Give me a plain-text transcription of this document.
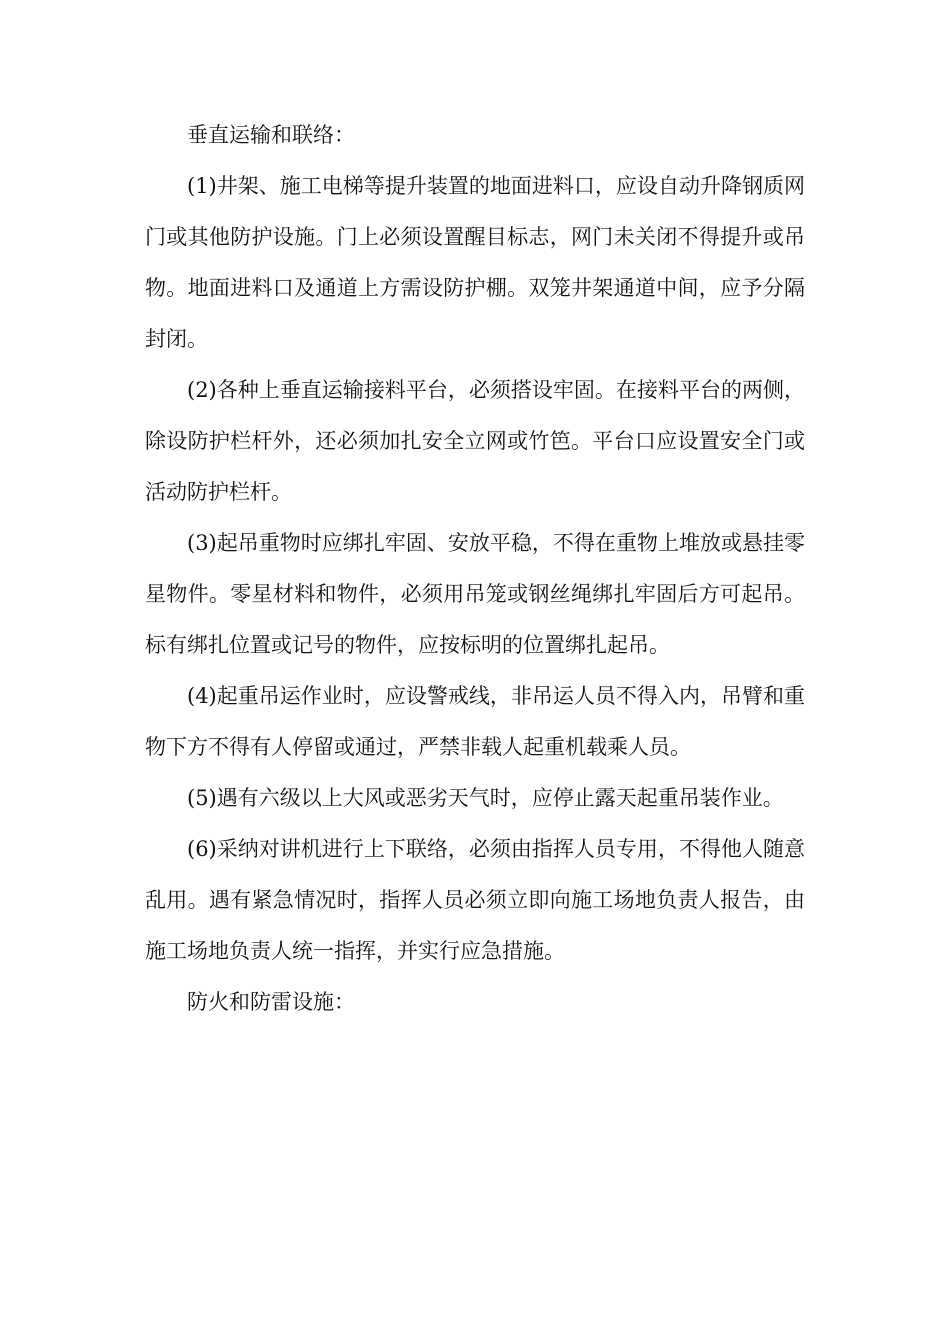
垂直运输和联络：

(1)井架、施工电梯等提升装置的地面进料口，应设自动升降钢质网门或其他防护设施。门上必须设置醒目标志，网门未关闭不得提升或吊物。地面进料口及通道上方需设防护棚。双笼井架通道中间，应予分隔封闭。

(2)各种上垂直运输接料平台，必须搭设牢固。在接料平台的两侧，除设防护栏杆外，还必须加扎安全立网或竹笆。平台口应设置安全门或活动防护栏杆。

(3)起吊重物时应绑扎牢固、安放平稳，不得在重物上堆放或悬挂零星物件。零星材料和物件，必须用吊笼或钢丝绳绑扎牢固后方可起吊。标有绑扎位置或记号的物件，应按标明的位置绑扎起吊。

(4)起重吊运作业时，应设警戒线，非吊运人员不得入内，吊臂和重物下方不得有人停留或通过，严禁非载人起重机载乘人员。

(5)遇有六级以上大风或恶劣天气时，应停止露天起重吊装作业。

(6)采纳对讲机进行上下联络，必须由指挥人员专用，不得他人随意乱用。遇有紧急情况时，指挥人员必须立即向施工场地负责人报告，由施工场地负责人统一指挥，并实行应急措施。

防火和防雷设施：
